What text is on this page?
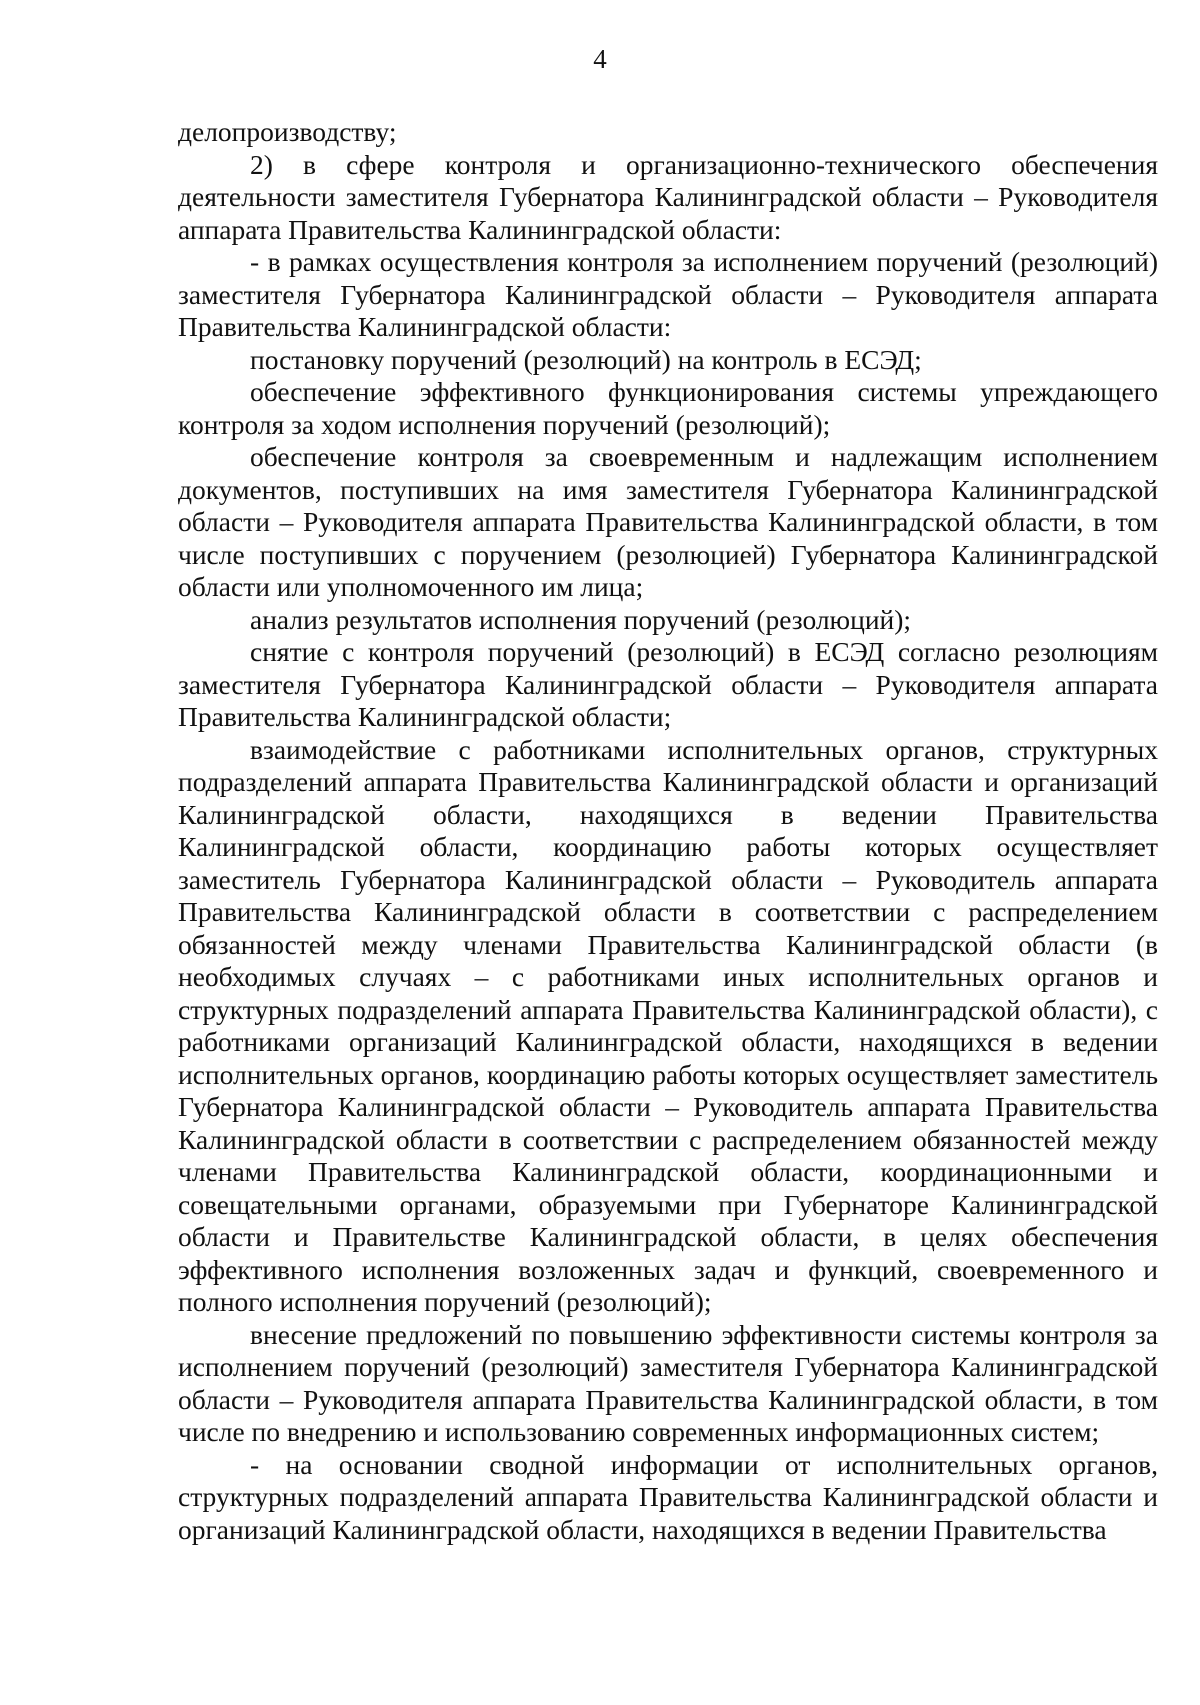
4

делопроизводству;

2) в сфере контроля и организационно-технического обеспечения деятельности заместителя Губернатора Калининградской области – Руководителя аппарата Правительства Калининградской области:

- в рамках осуществления контроля за исполнением поручений (резолюций) заместителя Губернатора Калининградской области – Руководителя аппарата Правительства Калининградской области:

постановку поручений (резолюций) на контроль в ЕСЭД;

обеспечение эффективного функционирования системы упреждающего контроля за ходом исполнения поручений (резолюций);

обеспечение контроля за своевременным и надлежащим исполнением документов, поступивших на имя заместителя Губернатора Калининградской области – Руководителя аппарата Правительства Калининградской области, в том числе поступивших с поручением (резолюцией) Губернатора Калининградской области или уполномоченного им лица;

анализ результатов исполнения поручений (резолюций);

снятие с контроля поручений (резолюций) в ЕСЭД согласно резолюциям заместителя Губернатора Калининградской области – Руководителя аппарата Правительства Калининградской области;

взаимодействие с работниками исполнительных органов, структурных подразделений аппарата Правительства Калининградской области и организаций Калининградской области, находящихся в ведении Правительства Калининградской области, координацию работы которых осуществляет заместитель Губернатора Калининградской области – Руководитель аппарата Правительства Калининградской области в соответствии с распределением обязанностей между членами Правительства Калининградской области (в необходимых случаях – с работниками иных исполнительных органов и структурных подразделений аппарата Правительства Калининградской области), с работниками организаций Калининградской области, находящихся в ведении исполнительных органов, координацию работы которых осуществляет заместитель Губернатора Калининградской области – Руководитель аппарата Правительства Калининградской области в соответствии с распределением обязанностей между членами Правительства Калининградской области, координационными и совещательными органами, образуемыми при Губернаторе Калининградской области и Правительстве Калининградской области, в целях обеспечения эффективного исполнения возложенных задач и функций, своевременного и полного исполнения поручений (резолюций);

внесение предложений по повышению эффективности системы контроля за исполнением поручений (резолюций) заместителя Губернатора Калининградской области – Руководителя аппарата Правительства Калининградской области, в том числе по внедрению и использованию современных информационных систем;

- на основании сводной информации от исполнительных органов, структурных подразделений аппарата Правительства Калининградской области и организаций Калининградской области, находящихся в ведении Правительства
